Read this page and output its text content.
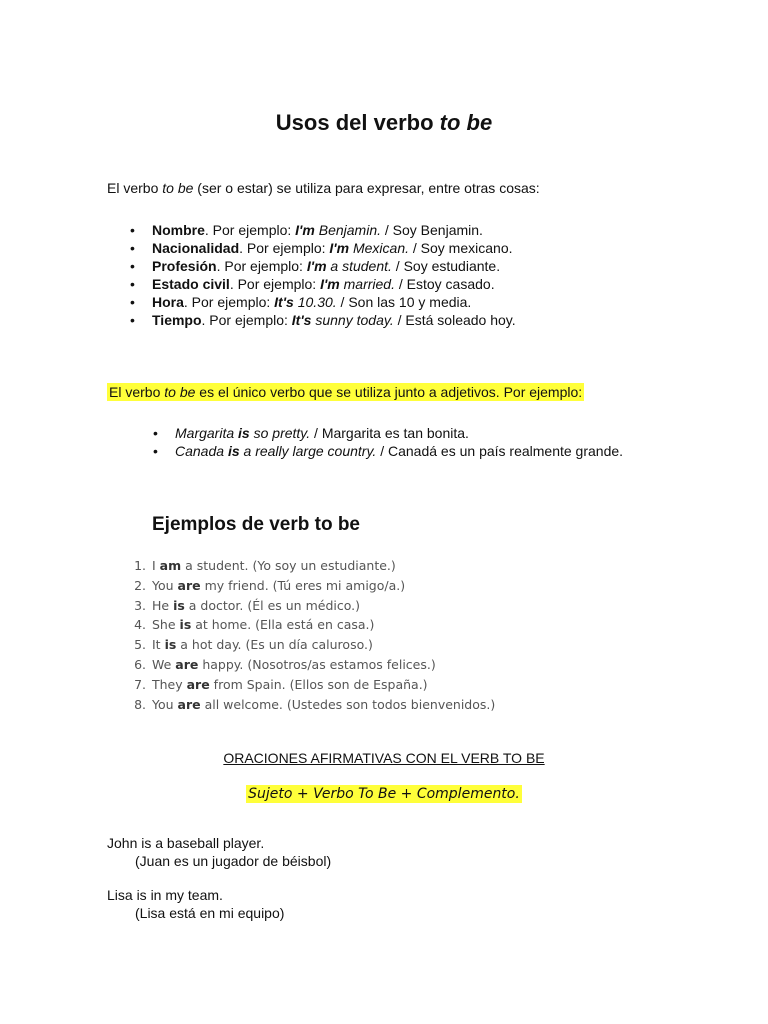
Usos del verbo to be
El verbo to be (ser o estar) se utiliza para expresar, entre otras cosas:
• Nombre. Por ejemplo: I'm Benjamin. / Soy Benjamin.
• Nacionalidad. Por ejemplo: I'm Mexican. / Soy mexicano.
• Profesión. Por ejemplo: I'm a student. / Soy estudiante.
• Estado civil. Por ejemplo: I'm married. / Estoy casado.
• Hora. Por ejemplo: It's 10.30. / Son las 10 y media.
• Tiempo. Por ejemplo: It's sunny today. / Está soleado hoy.
El verbo to be es el único verbo que se utiliza junto a adjetivos. Por ejemplo:
• Margarita is so pretty. / Margarita es tan bonita.
• Canada is a really large country. / Canadá es un país realmente grande.
Ejemplos de verb to be
1. I am a student. (Yo soy un estudiante.)
2. You are my friend. (Tú eres mi amigo/a.)
3. He is a doctor. (Él es un médico.)
4. She is at home. (Ella está en casa.)
5. It is a hot day. (Es un día caluroso.)
6. We are happy. (Nosotros/as estamos felices.)
7. They are from Spain. (Ellos son de España.)
8. You are all welcome. (Ustedes son todos bienvenidos.)
ORACIONES AFIRMATIVAS CON EL VERB TO BE
Sujeto + Verbo To Be + Complemento.
John is a baseball player.
(Juan es un jugador de béisbol)
Lisa is in my team.
(Lisa está en mi equipo)
